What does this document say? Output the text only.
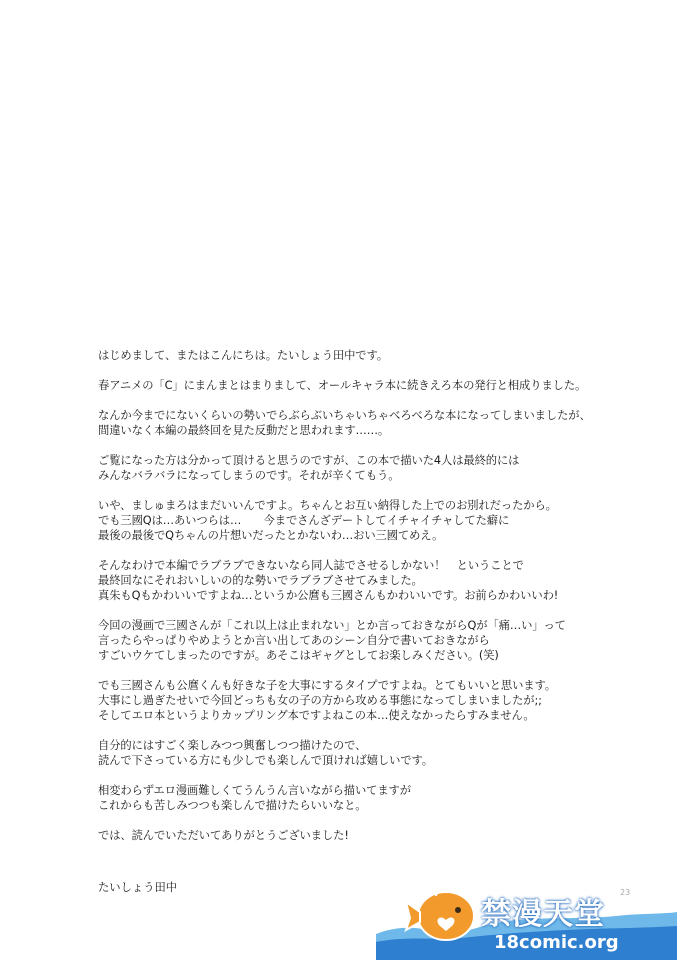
はじめまして、またはこんにちは。たいしょう田中です。
春アニメの「C」にまんまとはまりまして、オールキャラ本に続きえろ本の発行と相成りました。
なんか今までにないくらいの勢いでらぶらぶいちゃいちゃべろべろな本になってしまいましたが、
間違いなく本編の最終回を見た反動だと思われます……。
ご覧になった方は分かって頂けると思うのですが、この本で描いた4人は最終的には
みんなバラバラになってしまうのです。それが辛くてもう。
いや、ましゅまろはまだいいんですよ。ちゃんとお互い納得した上でのお別れだったから。
でも三國Qは…あいつらは…　　今までさんざデートしてイチャイチャしてた癖に
最後の最後でQちゃんの片想いだったとかないわ…おい三國てめえ。
そんなわけで本編でラブラブできないなら同人誌でさせるしかない！　ということで
最終回なにそれおいしいの的な勢いでラブラブさせてみました。
真朱もQもかわいいですよね…というか公麿も三國さんもかわいいです。お前らかわいいわ!
今回の漫画で三國さんが「これ以上は止まれない」とか言っておきながらQが「痛…い」って
言ったらやっぱりやめようとか言い出してあのシーン自分で書いておきながら
すごいウケてしまったのですが。あそこはギャグとしてお楽しみください。(笑)
でも三國さんも公麿くんも好きな子を大事にするタイプですよね。とてもいいと思います。
大事にし過ぎたせいで今回どっちも女の子の方から攻める事態になってしまいましたが;;
そしてエロ本というよりカップリング本ですよねこの本…使えなかったらすみません。
自分的にはすごく楽しみつつ興奮しつつ描けたので、
読んで下さっている方にも少しでも楽しんで頂ければ嬉しいです。
相変わらずエロ漫画難しくてうんうん言いながら描いてますが
これからも苦しみつつも楽しんで描けたらいいなと。
では、読んでいただいてありがとうございました!
たいしょう田中	23
禁漫天堂
18comic.org
